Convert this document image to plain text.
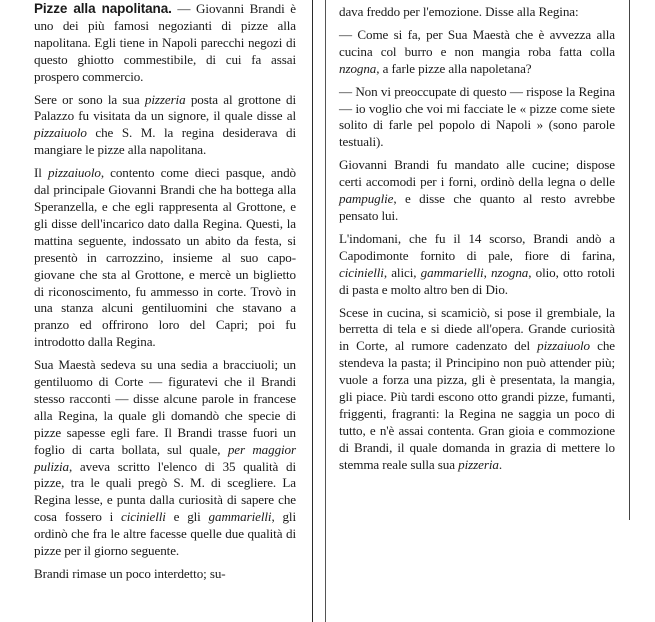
Pizze alla napolitana. — Giovanni Brandi è uno dei più famosi negozianti di pizze alla napolitana. Egli tiene in Napoli parecchi negozi di questo ghiotto commestibile, di cui fa assai prospero commercio.

Sere or sono la sua pizzeria posta al grottone di Palazzo fu visitata da un signore, il quale disse al pizzaiuolo che S. M. la regina desiderava di mangiare le pizze alla napolitana.

Il pizzaiuolo, contento come dieci pasque, andò dal principale Giovanni Brandi che ha bottega alla Speranzella, e che egli rappresenta al Grottone, e gli disse dell'incarico dato dalla Regina. Questi, la mattina seguente, indossato un abito da festa, si presentò in carrozzino, insieme al suo capo-giovane che sta al Grottone, e mercè un biglietto di riconoscimento, fu ammesso in corte. Trovò in una stanza alcuni gentiluomini che stavano a pranzo ed offrirono loro del Capri; poi fu introdotto dalla Regina.

Sua Maestà sedeva su una sedia a bracciuoli; un gentiluomo di Corte — figuratevi che il Brandi stesso racconti — disse alcune parole in francese alla Regina, la quale gli domandò che specie di pizze sapesse egli fare. Il Brandi trasse fuori un foglio di carta bollata, sul quale, per maggior pulizia, aveva scritto l'elenco di 35 qualità di pizze, tra le quali pregò S. M. di scegliere. La Regina lesse, e punta dalla curiosità di sapere che cosa fossero i cicinielli e gli gammarielli, gli ordinò che fra le altre facesse quelle due qualità di pizze per il giorno seguente.

Brandi rimase un poco interdetto; su-

dava freddo per l'emozione. Disse alla Regina:

— Come si fa, per Sua Maestà che è avvezza alla cucina col burro e non mangia roba fatta colla nzogna, a farle pizze alla napoletana?

— Non vi preoccupate di questo — rispose la Regina — io voglio che voi mi facciate le « pizze come siete solito di farle pel popolo di Napoli » (sono parole testuali).

Giovanni Brandi fu mandato alle cucine; dispose certi accomodi per i forni, ordinò della legna o delle pampuglie, e disse che quanto al resto avrebbe pensato lui.

L'indomani, che fu il 14 scorso, Brandi andò a Capodimonte fornito di pale, fiore di farina, cicinielli, alici, gammarielli, nzogna, olio, otto rotoli di pasta e molto altro ben di Dio.

Scese in cucina, si scamiciò, si pose il grembiale, la berretta di tela e si diede all'opera. Grande curiosità in Corte, al rumore cadenzato del pizzaiuolo che stendeva la pasta; il Principino non può attender più; vuole a forza una pizza, gli è presentata, la mangia, gli piace. Più tardi escono otto grandi pizze, fumanti, friggenti, fragranti: la Regina ne saggia un poco di tutto, e n'è assai contenta. Gran gioia e commozione di Brandi, il quale domanda in grazia di mettere lo stemma reale sulla sua pizzeria.
